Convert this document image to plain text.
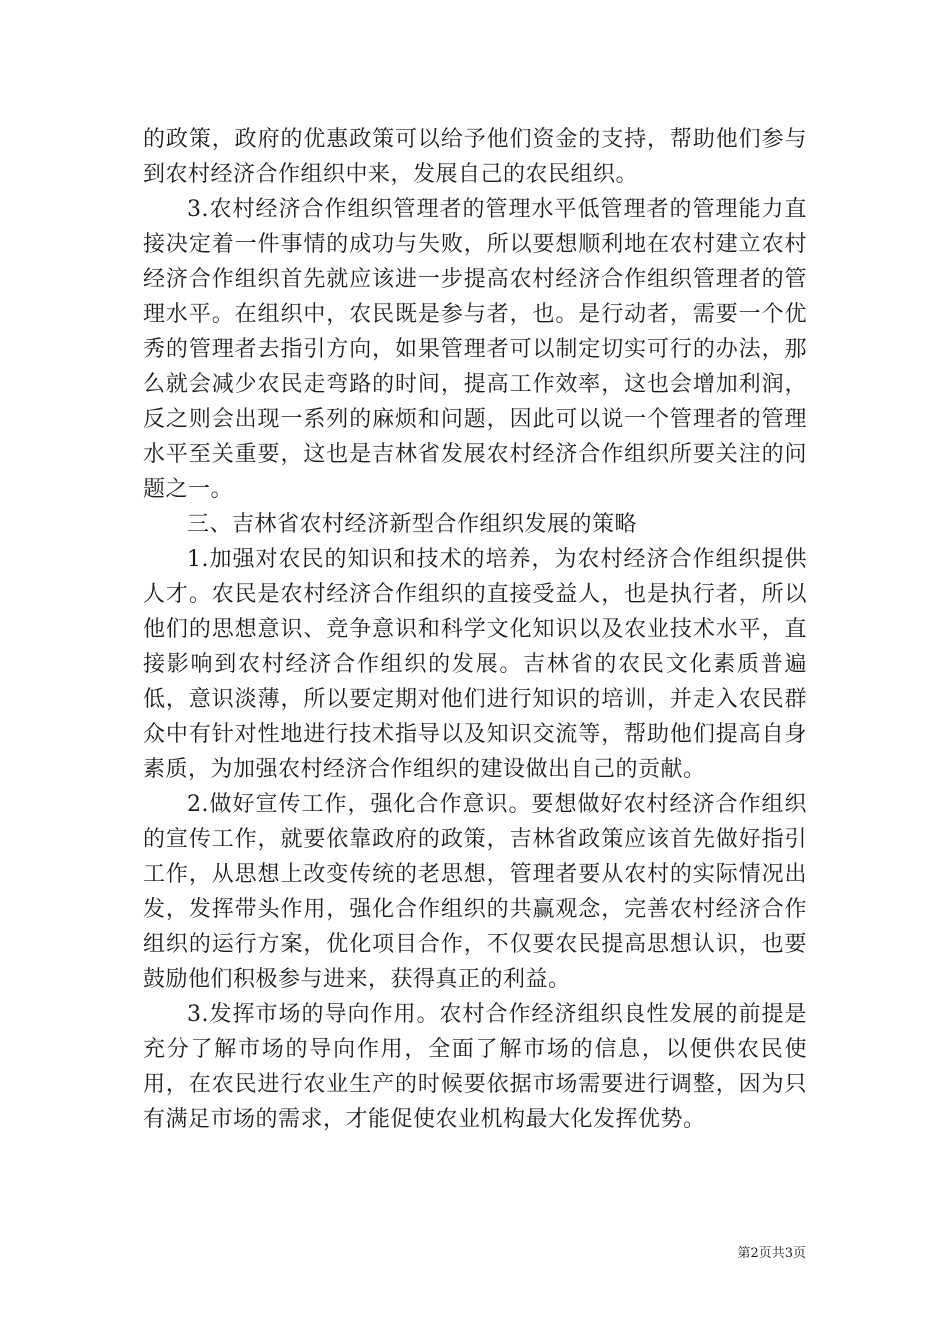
的政策，政府的优惠政策可以给予他们资金的支持，帮助他们参与到农村经济合作组织中来，发展自己的农民组织。

3.农村经济合作组织管理者的管理水平低管理者的管理能力直接决定着一件事情的成功与失败，所以要想顺利地在农村建立农村经济合作组织首先就应该进一步提高农村经济合作组织管理者的管理水平。在组织中，农民既是参与者，也。是行动者，需要一个优秀的管理者去指引方向，如果管理者可以制定切实可行的办法，那么就会减少农民走弯路的时间，提高工作效率，这也会增加利润，反之则会出现一系列的麻烦和问题，因此可以说一个管理者的管理水平至关重要，这也是吉林省发展农村经济合作组织所要关注的问题之一。

三、吉林省农村经济新型合作组织发展的策略

1.加强对农民的知识和技术的培养，为农村经济合作组织提供人才。农民是农村经济合作组织的直接受益人，也是执行者，所以他们的思想意识、竞争意识和科学文化知识以及农业技术水平，直接影响到农村经济合作组织的发展。吉林省的农民文化素质普遍低，意识淡薄，所以要定期对他们进行知识的培训，并走入农民群众中有针对性地进行技术指导以及知识交流等，帮助他们提高自身素质，为加强农村经济合作组织的建设做出自己的贡献。

2.做好宣传工作，强化合作意识。要想做好农村经济合作组织的宣传工作，就要依靠政府的政策，吉林省政策应该首先做好指引工作，从思想上改变传统的老思想，管理者要从农村的实际情况出发，发挥带头作用，强化合作组织的共赢观念，完善农村经济合作组织的运行方案，优化项目合作，不仅要农民提高思想认识，也要鼓励他们积极参与进来，获得真正的利益。

3.发挥市场的导向作用。农村合作经济组织良性发展的前提是充分了解市场的导向作用，全面了解市场的信息，以便供农民使用，在农民进行农业生产的时候要依据市场需要进行调整，因为只有满足市场的需求，才能促使农业机构最大化发挥优势。

第2页共3页
